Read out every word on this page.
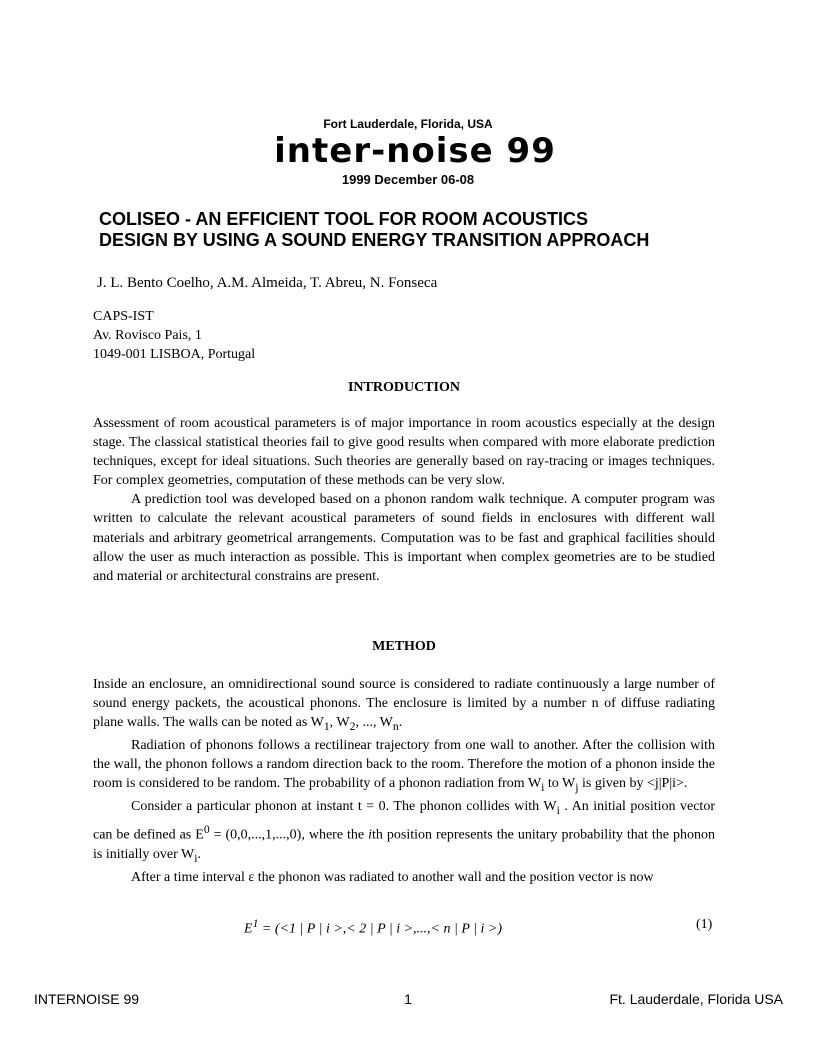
Fort Lauderdale, Florida, USA
inter-noise 99
1999 December 06-08
COLISEO - AN EFFICIENT TOOL FOR ROOM ACOUSTICS
DESIGN BY USING A SOUND ENERGY TRANSITION APPROACH
J. L. Bento Coelho, A.M. Almeida, T. Abreu, N. Fonseca
CAPS-IST
Av. Rovisco Pais, 1
1049-001 LISBOA, Portugal
INTRODUCTION

Assessment of room acoustical parameters is of major importance in room acoustics especially at the design stage. The classical statistical theories fail to give good results when compared with more elaborate prediction techniques, except for ideal situations. Such theories are generally based on ray-tracing or images techniques. For complex geometries, computation of these methods can be very slow.

A prediction tool was developed based on a phonon random walk technique. A computer program was written to calculate the relevant acoustical parameters of sound fields in enclosures with different wall materials and arbitrary geometrical arrangements. Computation was to be fast and graphical facilities should allow the user as much interaction as possible. This is important when complex geometries are to be studied and material or architectural constrains are present.

METHOD

Inside an enclosure, an omnidirectional sound source is considered to radiate continuously a large number of sound energy packets, the acoustical phonons. The enclosure is limited by a number n of diffuse radiating plane walls. The walls can be noted as $W_1$, $W_2$, ..., $W_n$.

Radiation of phonons follows a rectilinear trajectory from one wall to another. After the collision with the wall, the phonon follows a random direction back to the room. Therefore the motion of a phonon inside the room is considered to be random. The probability of a phonon radiation from $W_i$ to $W_j$ is given by <j|P|i>.

Consider a particular phonon at instant t = 0. The phonon collides with $W_i$ . An initial position vector can be defined as $E^0 = (0,0,...,1,...,0)$, where the ith position represents the unitary probability that the phonon is initially over $W_i$.

After a time interval ε the phonon was radiated to another wall and the position vector is now

$E^1 = (<1$ | P | i >,< 2 | P | i >,...,< n | P | i >)	(1)
INTERNOISE 99	1	Ft. Lauderdale, Florida USA
